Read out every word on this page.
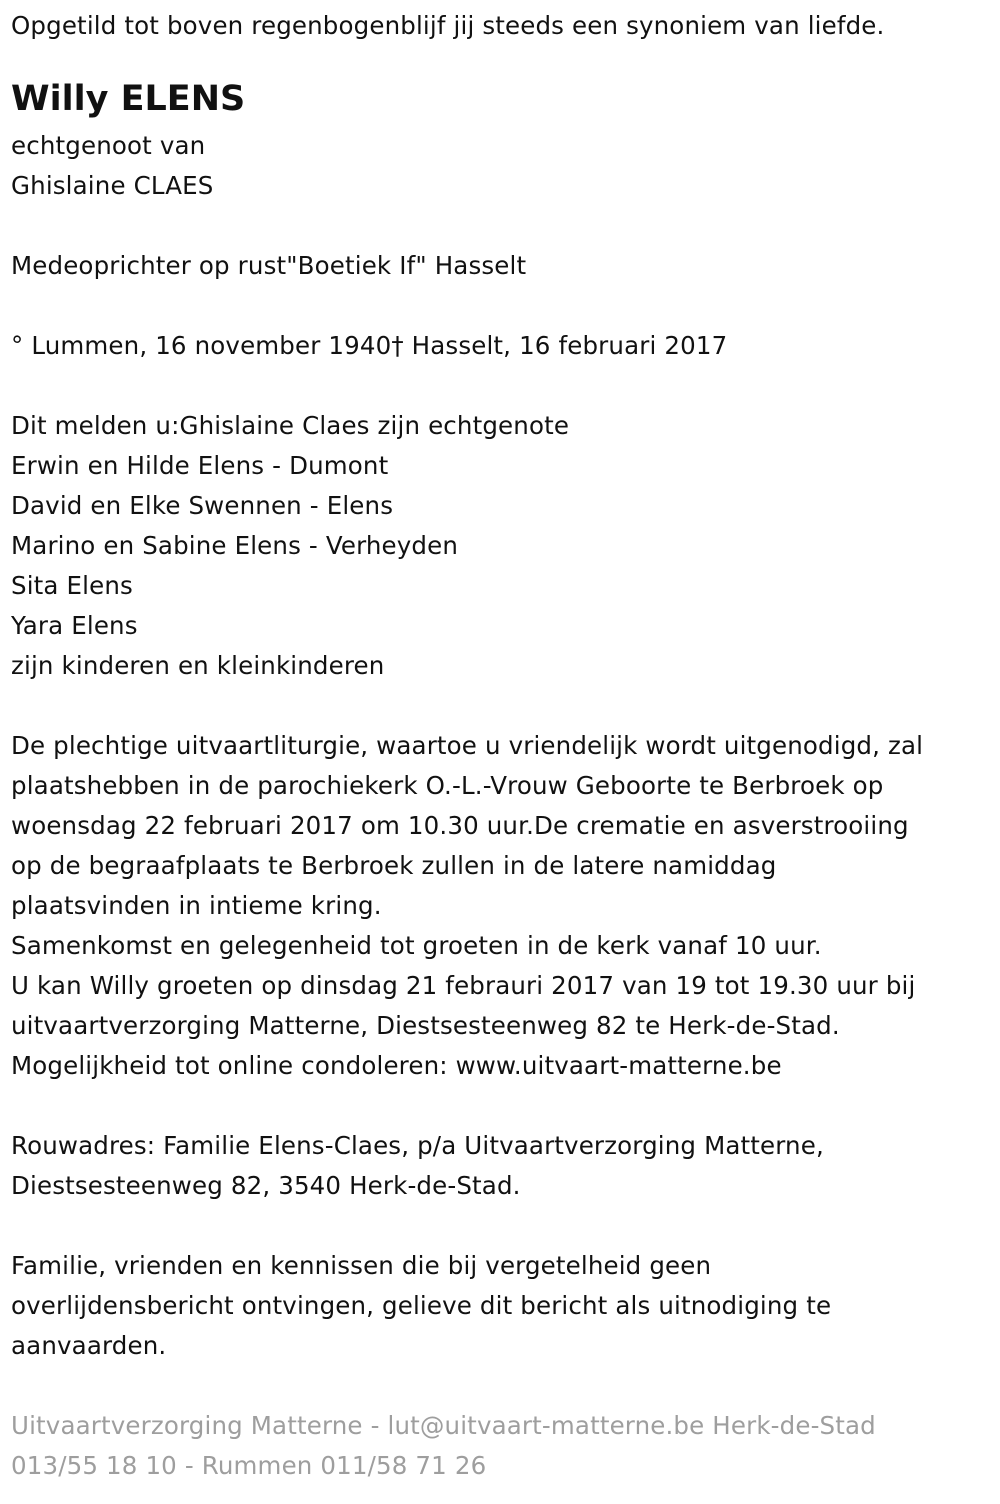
Opgetild tot boven regenbogenblijf jij steeds een synoniem van liefde.
Willy ELENS
echtgenoot van
Ghislaine CLAES
Medeoprichter op rust"Boetiek If" Hasselt
° Lummen, 16 november 1940† Hasselt, 16 februari 2017
Dit melden u:Ghislaine Claes zijn echtgenote
Erwin en Hilde Elens - Dumont
David en Elke Swennen - Elens
Marino en Sabine Elens - Verheyden
Sita Elens
Yara Elens
zijn kinderen en kleinkinderen
De plechtige uitvaartliturgie, waartoe u vriendelijk wordt uitgenodigd, zal
plaatshebben in de parochiekerk O.-L.-Vrouw Geboorte te Berbroek op
woensdag 22 februari 2017 om 10.30 uur.De crematie en asverstrooiing
op de begraafplaats te Berbroek zullen in de latere namiddag
plaatsvinden in intieme kring.
Samenkomst en gelegenheid tot groeten in de kerk vanaf 10 uur.
U kan Willy groeten op dinsdag 21 febrauri 2017 van 19 tot 19.30 uur bij
uitvaartverzorging Matterne, Diestsesteenweg 82 te Herk-de-Stad.
Mogelijkheid tot online condoleren: www.uitvaart-matterne.be
Rouwadres: Familie Elens-Claes, p/a Uitvaartverzorging Matterne,
Diestsesteenweg 82, 3540 Herk-de-Stad.
Familie, vrienden en kennissen die bij vergetelheid geen
overlijdensbericht ontvingen, gelieve dit bericht als uitnodiging te
aanvaarden.
Uitvaartverzorging Matterne - lut@uitvaart-matterne.be Herk-de-Stad
013/55 18 10 - Rummen 011/58 71 26
